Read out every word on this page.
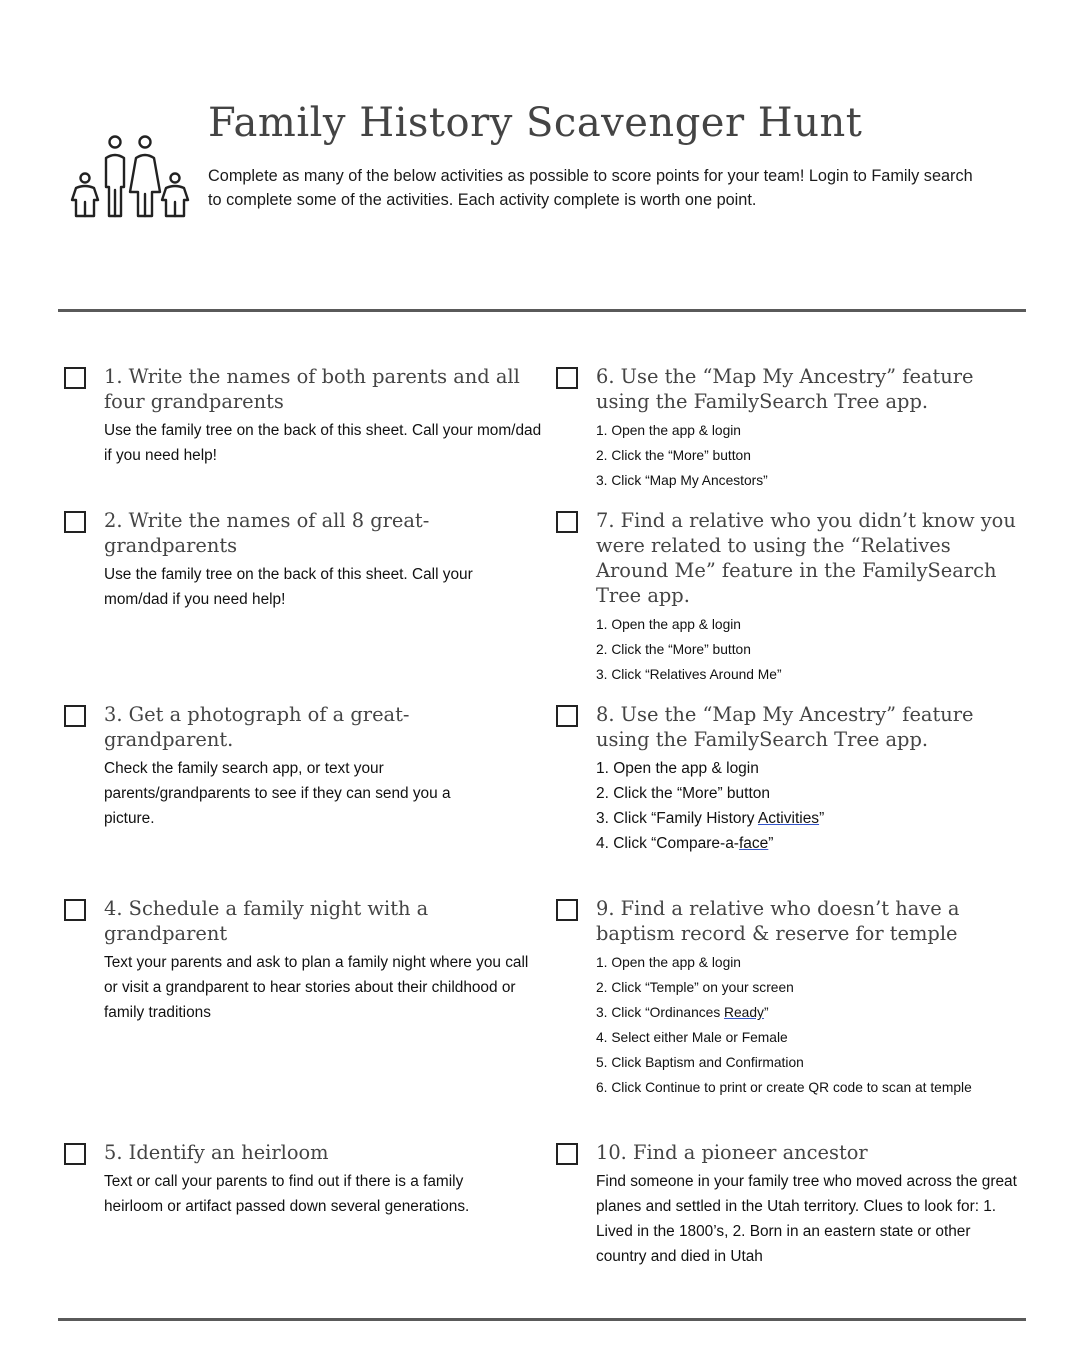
Family History Scavenger Hunt
Complete as many of the below activities as possible to score points for your team! Login to Family search
to complete some of the activities. Each activity complete is worth one point.
1. Write the names of both parents and all four grandparents
Use the family tree on the back of this sheet. Call your mom/dad if you need help!
2. Write the names of all 8 great-grandparents
Use the family tree on the back of this sheet. Call your mom/dad if you need help!
3. Get a photograph of a great-grandparent.
Check the family search app, or text your parents/grandparents to see if they can send you a picture.
4. Schedule a family night with a grandparent
Text your parents and ask to plan a family night where you call or visit a grandparent to hear stories about their childhood or family traditions
5. Identify an heirloom
Text or call your parents to find out if there is a family heirloom or artifact passed down several generations.
6. Use the “Map My Ancestry” feature using the FamilySearch Tree app.
1. Open the app & login
2. Click the “More” button
3. Click “Map My Ancestors”
7. Find a relative who you didn’t know you were related to using the “Relatives Around Me” feature in the FamilySearch Tree app.
1. Open the app & login
2. Click the “More” button
3. Click “Relatives Around Me”
8. Use the “Map My Ancestry” feature using the FamilySearch Tree app.
1. Open the app & login
2. Click the “More” button
3. Click “Family History Activities”
4. Click “Compare-a-face”
9. Find a relative who doesn’t have a baptism record & reserve for temple
1. Open the app & login
2. Click “Temple” on your screen
3. Click “Ordinances Ready”
4. Select either Male or Female
5. Click Baptism and Confirmation
6. Click Continue to print or create QR code to scan at temple
10. Find a pioneer ancestor
Find someone in your family tree who moved across the great planes and settled in the Utah territory. Clues to look for: 1. Lived in the 1800’s, 2. Born in an eastern state or other country and died in Utah
